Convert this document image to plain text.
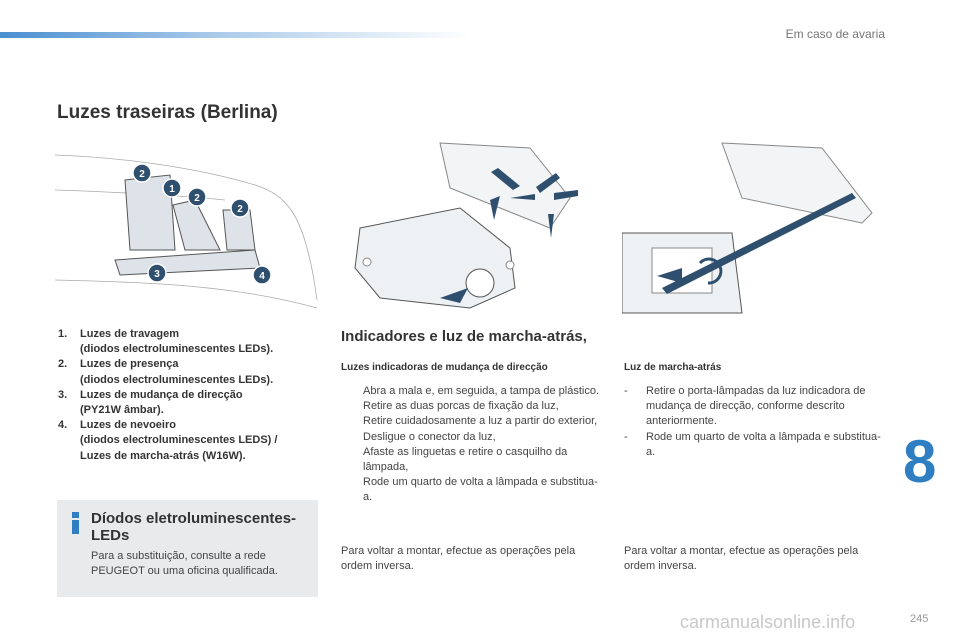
Em caso de avaria
Luzes traseiras (Berlina)
2
1
2
2
3	4
1.	Luzes de travagem
(diodos electroluminescentes LEDs).
2.	Luzes de presença
(diodos electroluminescentes LEDs).
3.	Luzes de mudança de direcção
(PY21W âmbar).
4.	Luzes de nevoeiro
(diodos electroluminescentes LEDS) /
Luzes de marcha-atrás (W16W).
Díodos eletroluminescentes-LEDs
Para a substituição, consulte a rede PEUGEOT ou uma oficina qualificada.
Indicadores e luz de marcha-atrás,
Luzes indicadoras de mudança de direcção	Luz de marcha-atrás
Abra a mala e, em seguida, a tampa de plástico.
Retire as duas porcas de fixação da luz,
Retire cuidadosamente a luz a partir do exterior,
Desligue o conector da luz,
Afaste as linguetas e retire o casquilho da lâmpada,
Rode um quarto de volta a lâmpada e substitua-a.
-	Retire o porta-lâmpadas da luz indicadora de mudança de direcção, conforme descrito anteriormente.
-	Rode um quarto de volta a lâmpada e substitua-a.
Para voltar a montar, efectue as operações pela ordem inversa.
Para voltar a montar, efectue as operações pela ordem inversa.
8
245
carmanualsonline.info
